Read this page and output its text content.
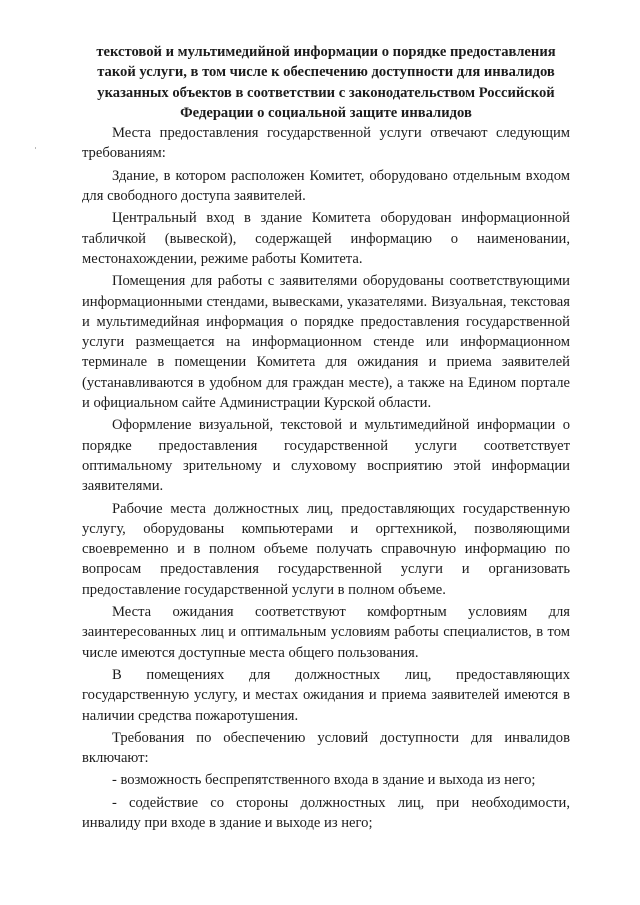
текстовой и мультимедийной информации о порядке предоставления

такой услуги, в том числе к обеспечению доступности для инвалидов

указанных объектов в соответствии с законодательством Российской

Федерации о социальной защите инвалидов

Места предоставления государственной услуги отвечают следующим требованиям:

Здание, в котором расположен Комитет, оборудовано отдельным входом для свободного доступа заявителей.

Центральный вход в здание Комитета оборудован информационной табличкой (вывеской), содержащей информацию о наименовании, местонахождении, режиме работы Комитета.

Помещения для работы с заявителями оборудованы соответствующими информационными стендами, вывесками, указателями. Визуальная, текстовая и мультимедийная информация о порядке предоставления государственной услуги размещается на информационном стенде или информационном терминале в помещении Комитета для ожидания и приема заявителей (устанавливаются в удобном для граждан месте), а также на Едином портале и официальном сайте Администрации Курской области.

Оформление визуальной, текстовой и мультимедийной информации о порядке предоставления государственной услуги соответствует оптимальному зрительному и слуховому восприятию этой информации заявителями.

Рабочие места должностных лиц, предоставляющих государственную услугу, оборудованы компьютерами и оргтехникой, позволяющими своевременно и в полном объеме получать справочную информацию по вопросам предоставления государственной услуги и организовать предоставление государственной услуги в полном объеме.

Места ожидания соответствуют комфортным условиям для заинтересованных лиц и оптимальным условиям работы специалистов, в том числе имеются доступные места общего пользования.

В помещениях для должностных лиц, предоставляющих государственную услугу, и местах ожидания и приема заявителей имеются в наличии средства пожаротушения.

Требования по обеспечению условий доступности для инвалидов включают:

- возможность беспрепятственного входа в здание и выхода из него;

- содействие со стороны должностных лиц, при необходимости, инвалиду при входе в здание и выходе из него;
